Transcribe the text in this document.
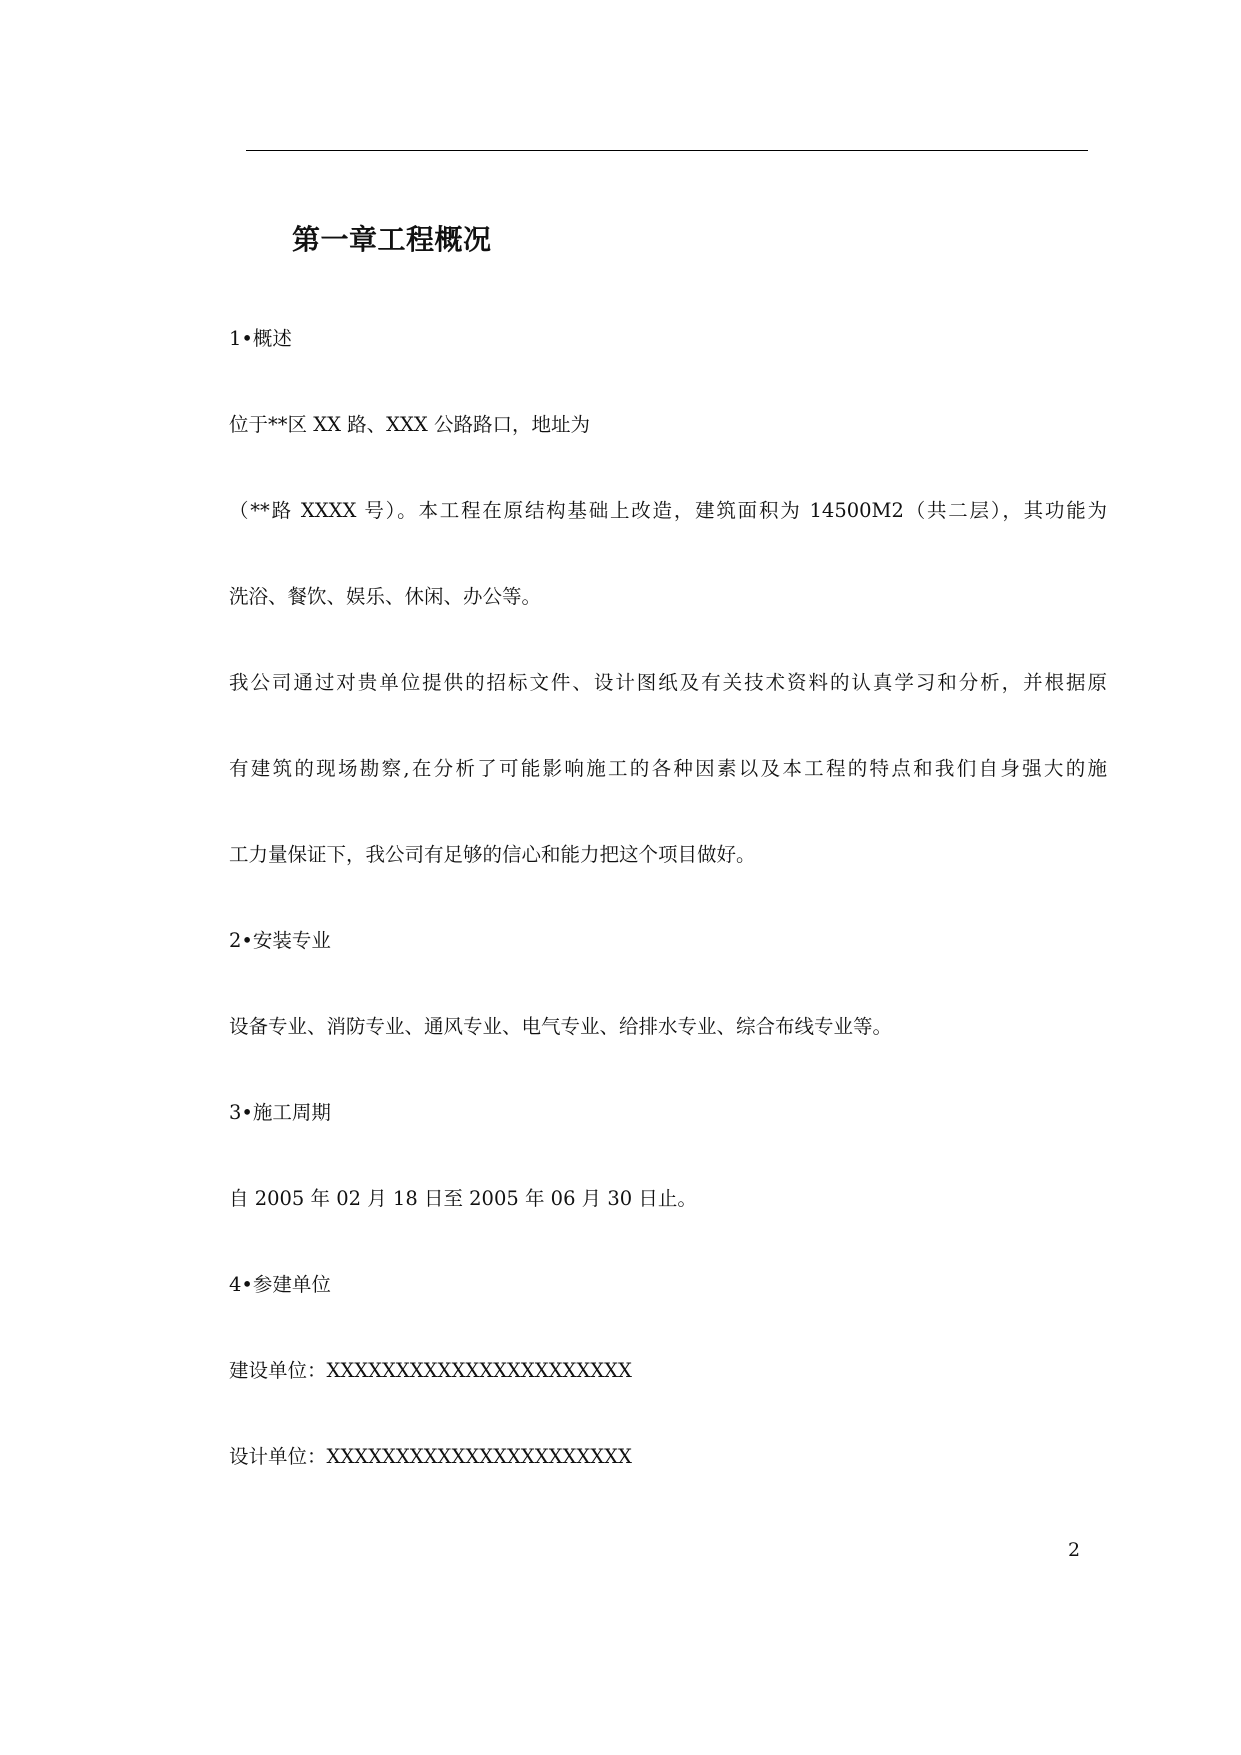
第一章工程概况

1•概述

位于**区 XX 路、XXX 公路路口，地址为

（**路 XXXX 号）。本工程在原结构基础上改造，建筑面积为 14500M2（共二层），其功能为

洗浴、餐饮、娱乐、休闲、办公等。

我公司通过对贵单位提供的招标文件、设计图纸及有关技术资料的认真学习和分析，并根据原

有建筑的现场勘察,在分析了可能影响施工的各种因素以及本工程的特点和我们自身强大的施

工力量保证下，我公司有足够的信心和能力把这个项目做好。

2•安装专业

设备专业、消防专业、通风专业、电气专业、给排水专业、综合布线专业等。

3•施工周期

自 2005 年 02 月 18 日至 2005 年 06 月 30 日止。

4•参建单位

建设单位：XXXXXXXXXXXXXXXXXXXXXX

设计单位：XXXXXXXXXXXXXXXXXXXXXX

2
